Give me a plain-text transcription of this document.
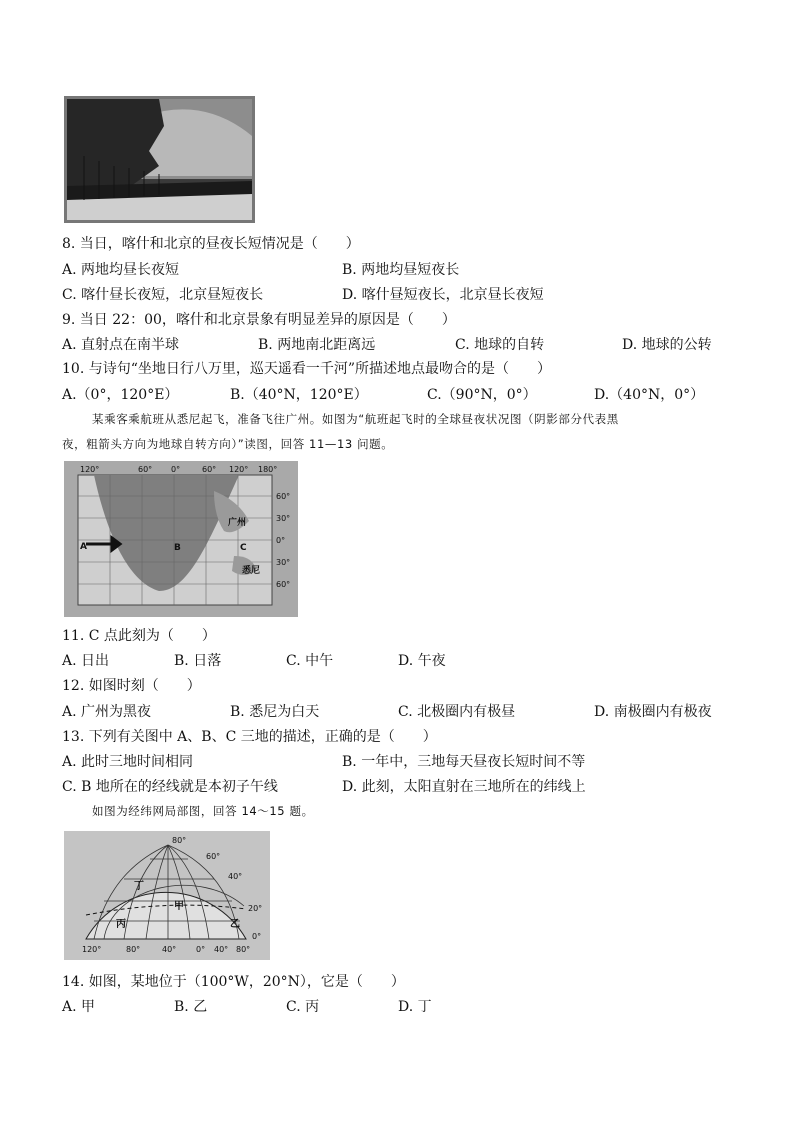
8. 当日，喀什和北京的昼夜长短情况是（　　）
A. 两地均昼长夜短	B. 两地均昼短夜长
C. 喀什昼长夜短，北京昼短夜长	D. 喀什昼短夜长，北京昼长夜短
9. 当日 22：00，喀什和北京景象有明显差异的原因是（　　）
A. 直射点在南半球	B. 两地南北距离远	C. 地球的自转	D. 地球的公转
10. 与诗句“坐地日行八万里，巡天遥看一千河”所描述地点最吻合的是（　　）
A.（0°，120°E）	B.（40°N，120°E）	C.（90°N，0°）	D.（40°N，0°）
某乘客乘航班从悉尼起飞，准备飞往广州。如图为“航班起飞时的全球昼夜状况图（阴影部分代表黑
夜，粗箭头方向为地球自转方向）”读图，回答 11—13 问题。
120°	60° 0°	60° 120° 180°
60°
30°
0°
30°
60°
A	B	C
广州
悉尼
11. C 点此刻为（　　）
A. 日出	B. 日落	C. 中午	D. 午夜
12. 如图时刻（　　）
A. 广州为黑夜	B. 悉尼为白天	C. 北极圈内有极昼	D. 南极圈内有极夜
13. 下列有关图中 A、B、C 三地的描述，正确的是（　　）
A. 此时三地时间相同	B. 一年中，三地每天昼夜长短时间不等
C. B 地所在的经线就是本初子午线	D. 此刻，太阳直射在三地所在的纬线上
如图为经纬网局部图，回答 14～15 题。
80°
60°
40°
20°
0°
120°	80°	40° 0° 40° 80°
甲
乙
丙
丁
14. 如图，某地位于（100°W，20°N），它是（　　）
A. 甲	B. 乙	C. 丙	D. 丁
